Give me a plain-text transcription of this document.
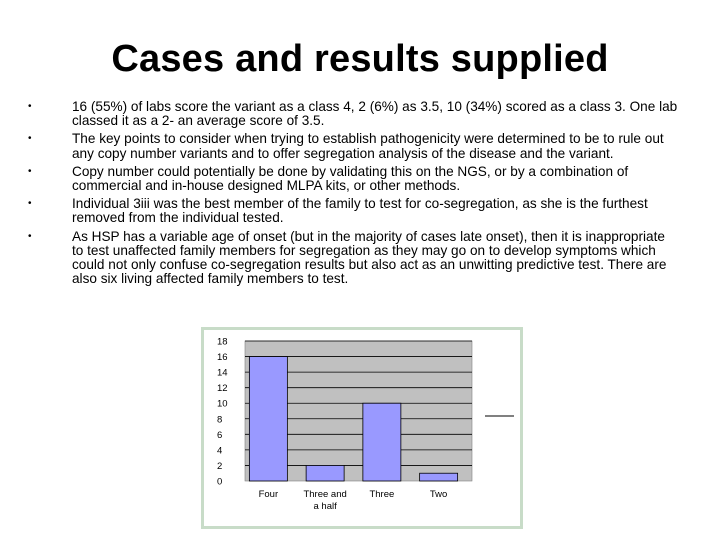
Cases and results supplied
•	16 (55%) of labs score the variant as a class 4, 2 (6%) as 3.5, 10 (34%) scored as a class 3. One lab classed it as a 2- an average score of 3.5.
•	The key points to consider when trying to establish pathogenicity were determined to be to rule out any copy number variants and to offer segregation analysis of the disease and the variant.
•	Copy number could potentially be done by validating this on the NGS, or by a combination of commercial and in-house designed MLPA kits, or other methods.
•	Individual 3iii was the best member of the family to test for co-segregation, as she is the furthest removed from the individual tested.
•	As HSP has a variable age of onset (but in the majority of cases late onset), then it is inappropriate to test unaffected family members for segregation as they may go on to develop symptoms which could not only confuse co-segregation results but also act as an unwitting predictive test. There are also six living affected family members to test.
0
2
4
6
8
10
12
14
16
18
Four	Three and
a half
Three	Two
